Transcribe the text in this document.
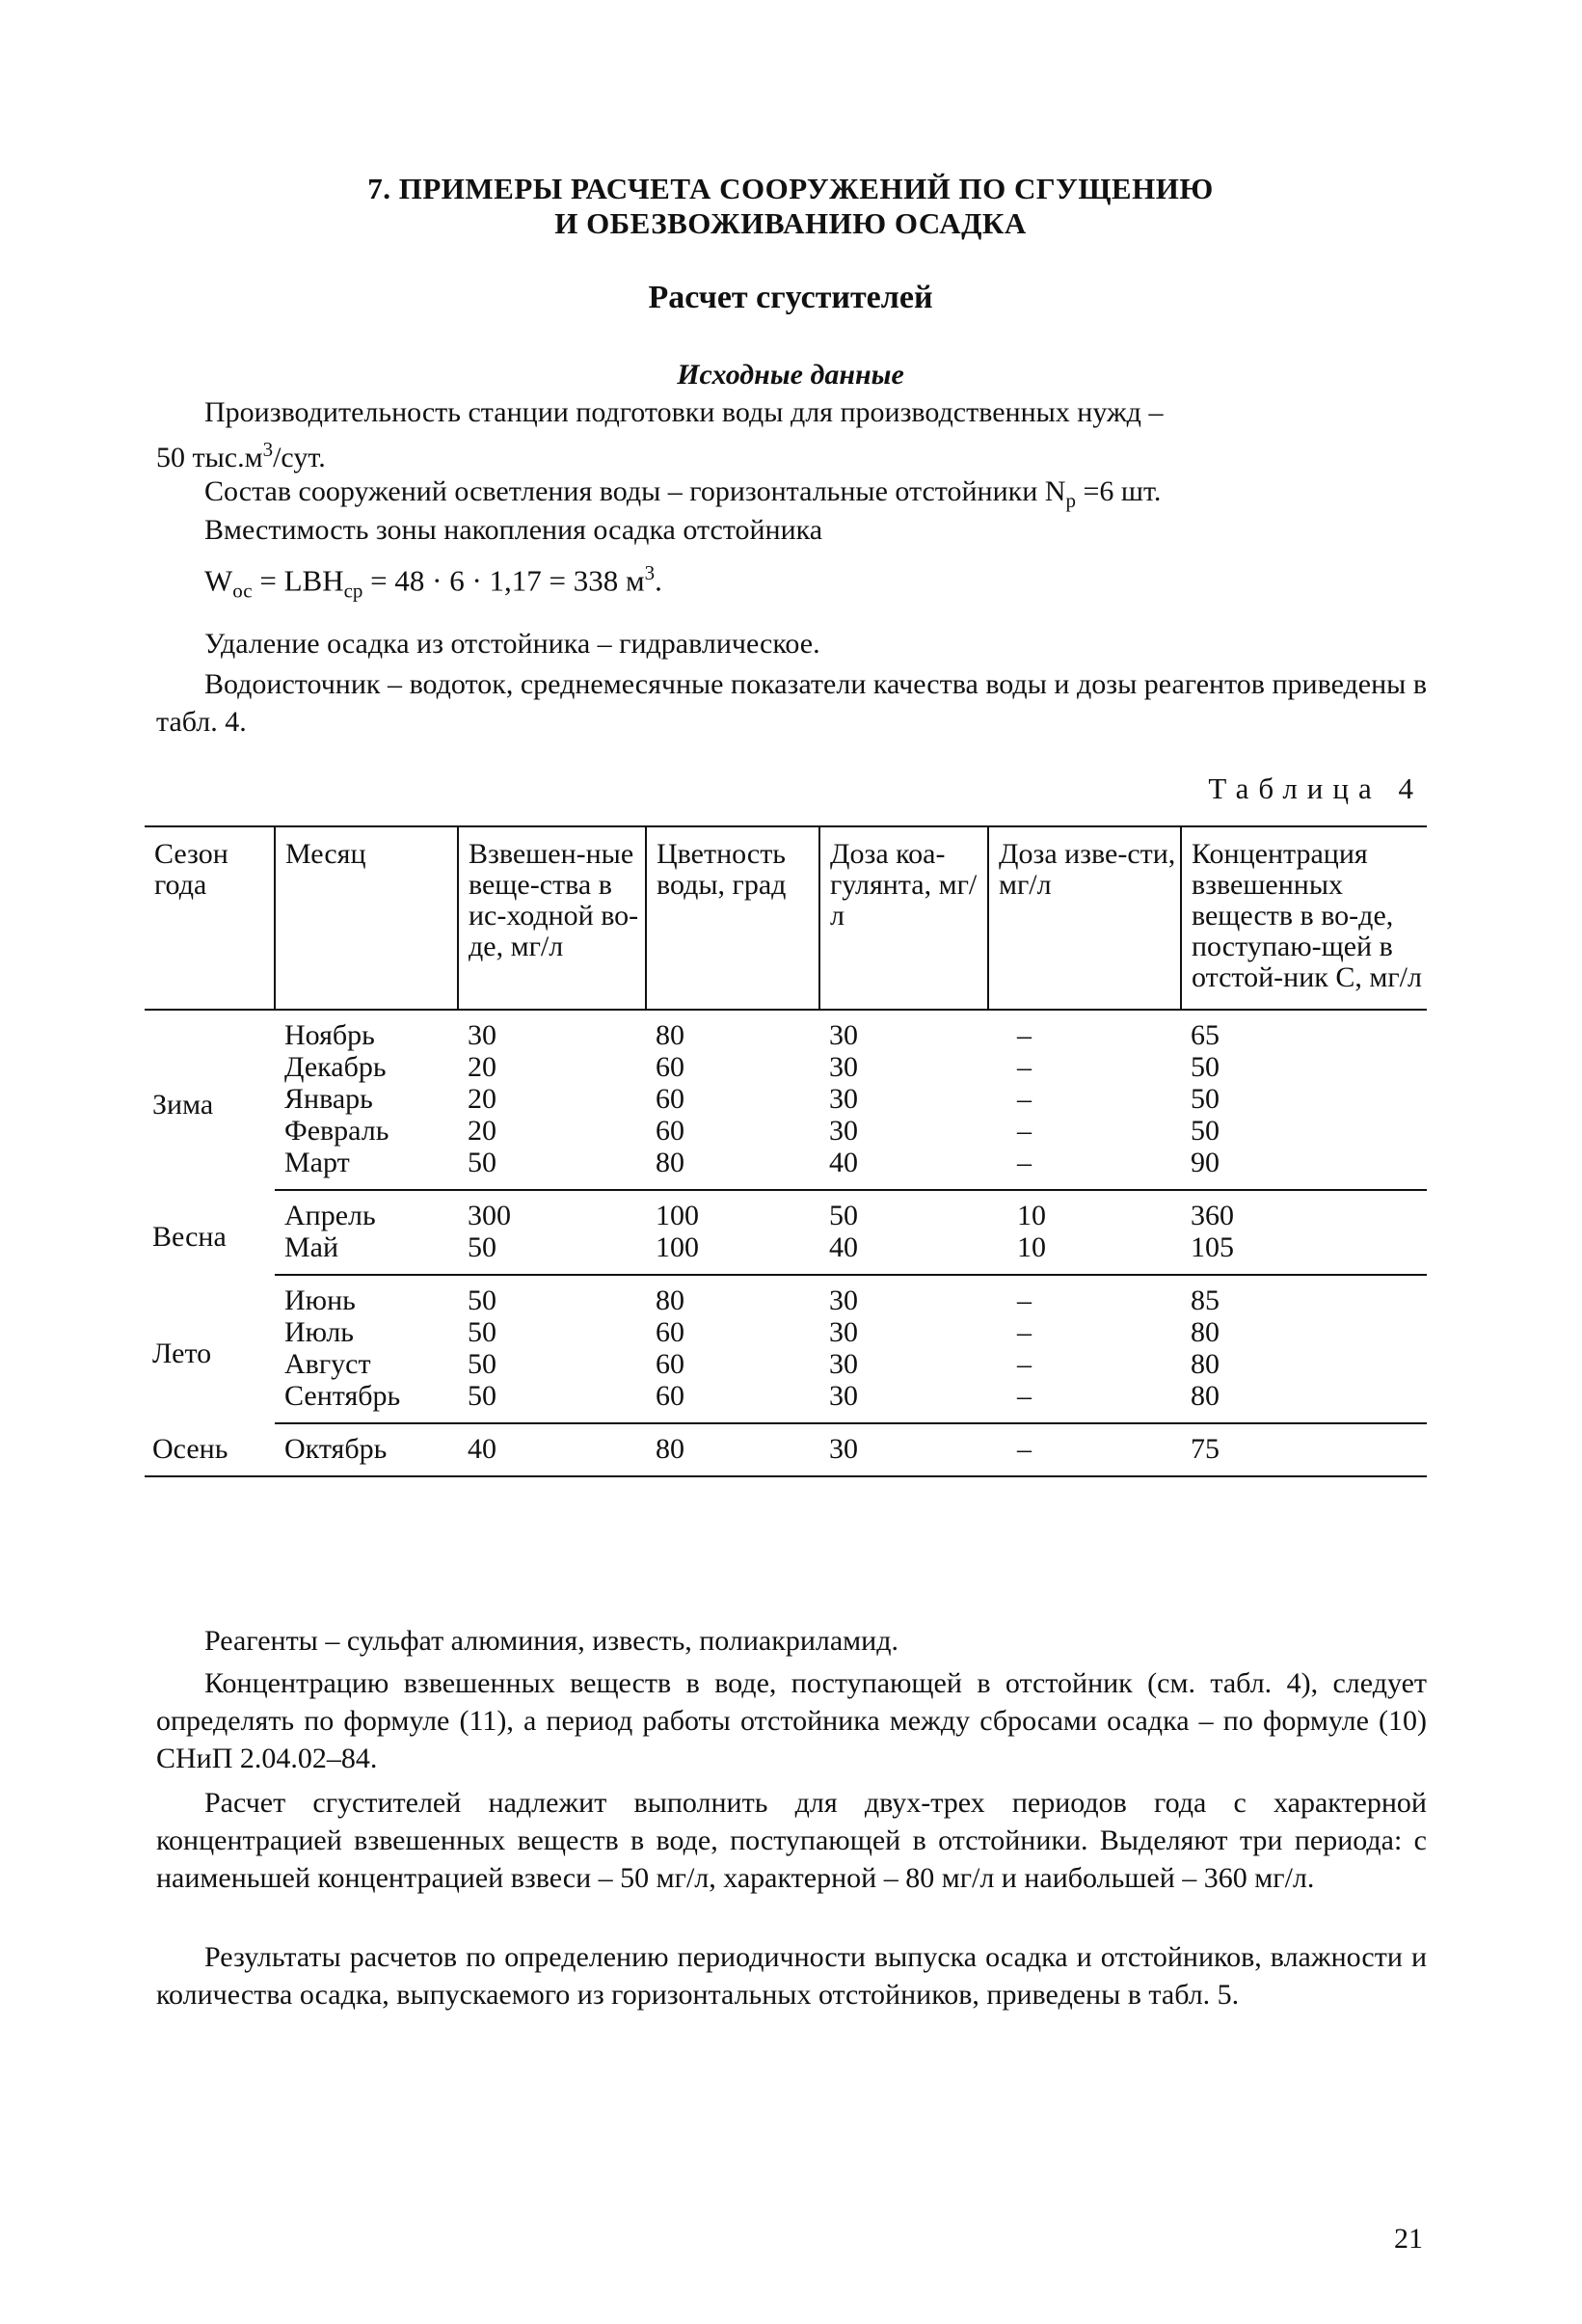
7. ПРИМЕРЫ РАСЧЕТА СООРУЖЕНИЙ ПО СГУЩЕНИЮ
И ОБЕЗВОЖИВАНИЮ ОСАДКА
Расчет сгустителей
Исходные данные
Производительность станции подготовки воды для производственных нужд –
50 $тыс.м^3$/сут.
Состав сооружений осветления воды – горизонтальные отстойники $N_р =6$ шт.
Вместимость зоны накопления осадка отстойника
$W_{ос} = LBH_{ср} = 48 \cdot 6 \cdot 1,17 = 338$ $м^3$.
Удаление осадка из отстойника – гидравлическое.
Водоисточник – водоток, среднемесячные показатели качества воды и дозы реагентов приведены в табл. 4.
Таблица 4
Сезон года	Месяц	Взвешен-ные веще-ства в ис-ходной во-де, мг/л	Цветность воды, град	Доза коа-гулянта, мг/л	Доза изве-сти, мг/л	Концентрация взвешенных веществ в во-де, поступаю-щей в отстой-ник С, мг/л
Зима	Ноябрь	30	80	30	–	65
	Декабрь	20	60	30	–	50
	Январь	20	60	30	–	50
	Февраль	20	60	30	–	50
	Март	50	80	40	–	90
Весна	Апрель	300	100	50	10	360
	Май	50	100	40	10	105
Лето	Июнь	50	80	30	–	85
	Июль	50	60	30	–	80
	Август	50	60	30	–	80
	Сентябрь	50	60	30	–	80
Осень	Октябрь	40	80	30	–	75
Реагенты – сульфат алюминия, известь, полиакриламид.
Концентрацию взвешенных веществ в воде, поступающей в отстойник (см. табл. 4), следует определять по формуле (11), а период работы отстойника между сбросами осадка – по формуле (10) СНиП 2.04.02–84.
Расчет сгустителей надлежит выполнить для двух-трех периодов года с характерной концентрацией взвешенных веществ в воде, поступающей в отстойники. Выделяют три периода: с наименьшей концентрацией взвеси – 50 мг/л, характерной – 80 мг/л и наибольшей – 360 мг/л.
Результаты расчетов по определению периодичности выпуска осадка и отстойников, влажности и количества осадка, выпускаемого из горизонтальных отстойников, приведены в табл. 5.
21
